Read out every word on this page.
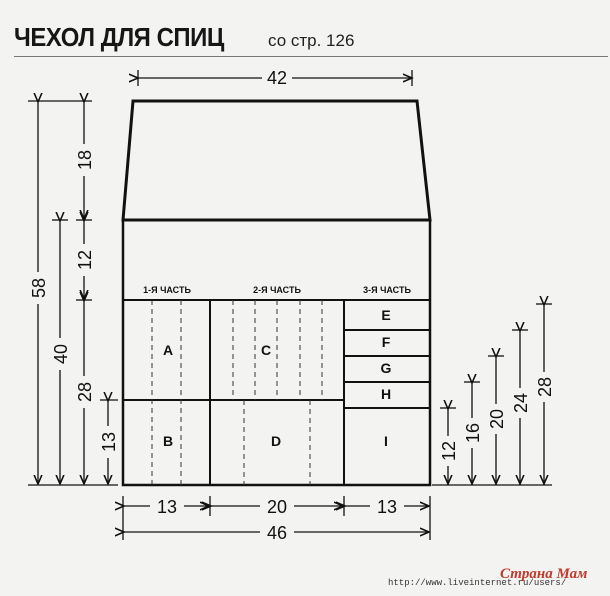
ЧЕХОЛ ДЛЯ СПИЦ	со стр. 126
1-Я ЧАСТЬ	2-Я ЧАСТЬ	3-Я ЧАСТЬ
A
B
C
D
E
F
G
H
I
42
13	20	13
46
58
18
12
40
28
13	12
16
20
24
28
http://www.liveinternet.ru/users/
Страна Мам
